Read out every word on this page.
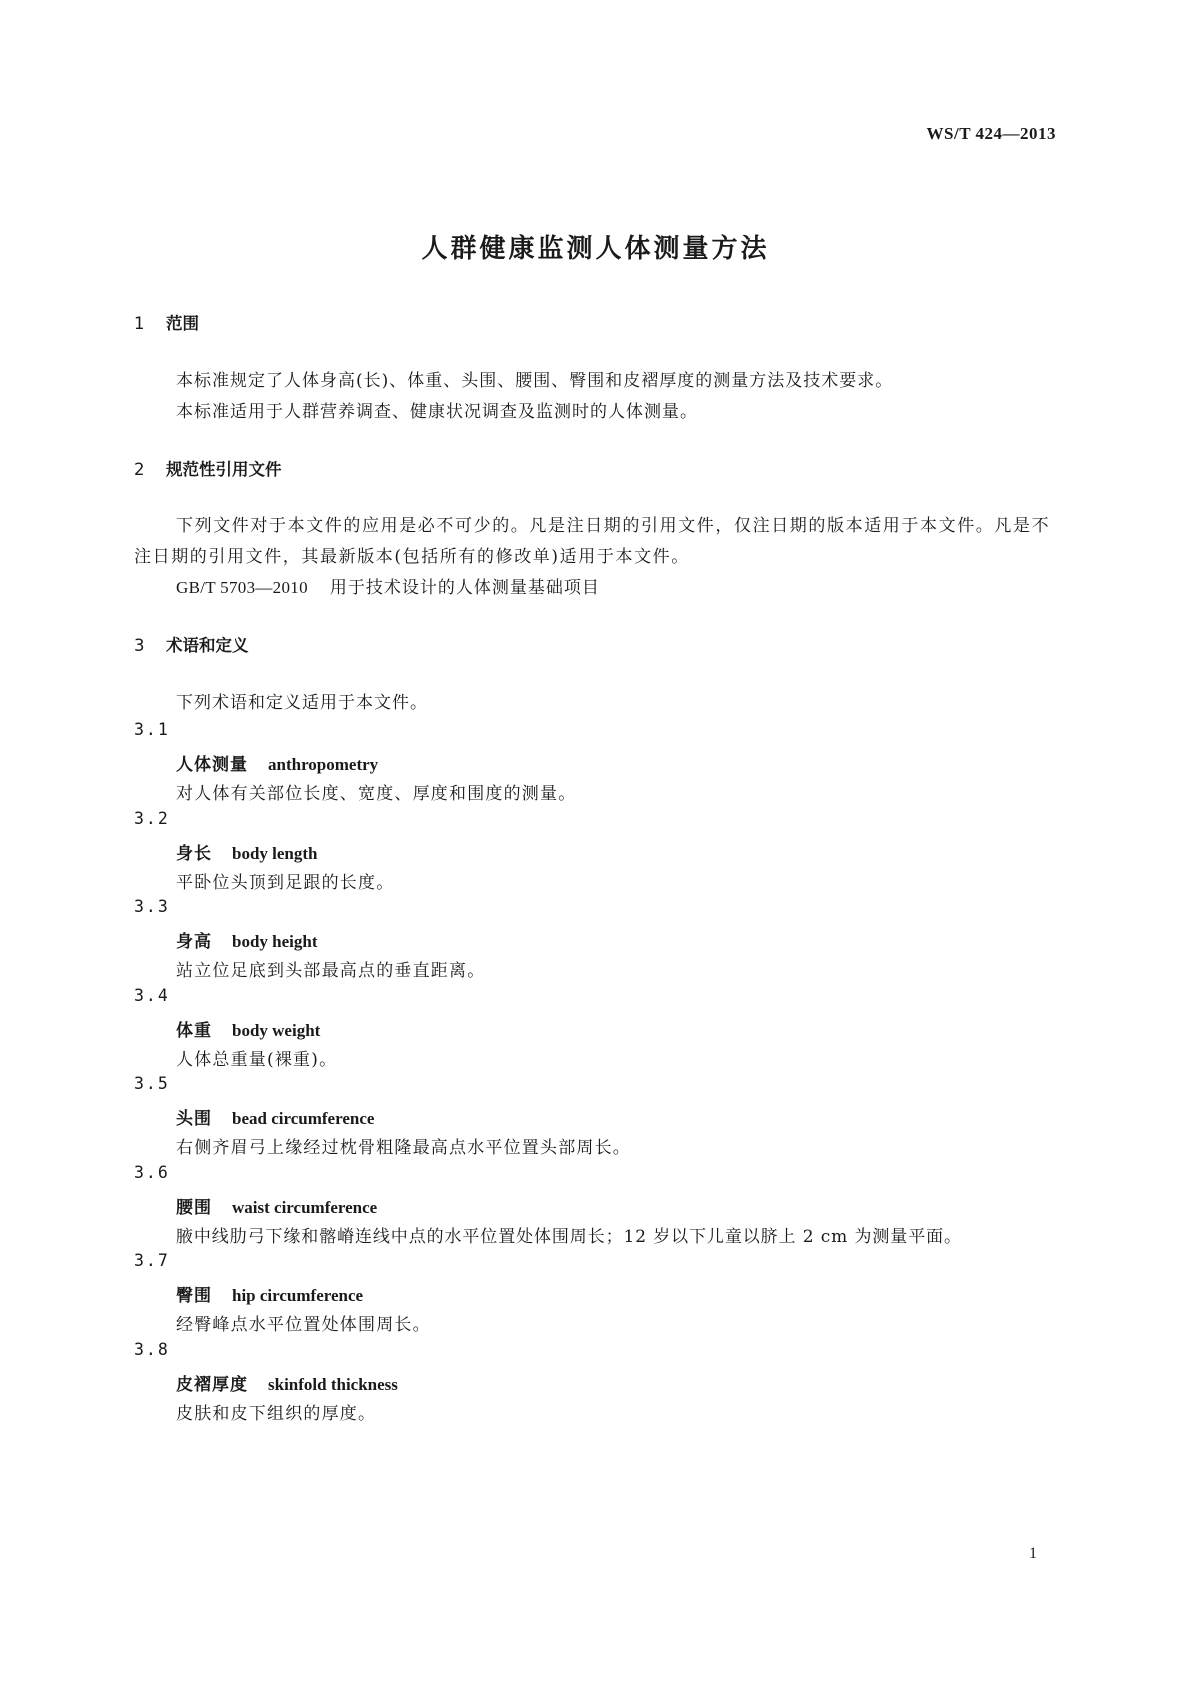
WS/T 424—2013
人群健康监测人体测量方法
1 范围
本标准规定了人体身高(长)、体重、头围、腰围、臀围和皮褶厚度的测量方法及技术要求。
本标准适用于人群营养调查、健康状况调查及监测时的人体测量。
2 规范性引用文件
下列文件对于本文件的应用是必不可少的。凡是注日期的引用文件，仅注日期的版本适用于本文件。凡是不注日期的引用文件，其最新版本(包括所有的修改单)适用于本文件。
GB/T 5703—2010 用于技术设计的人体测量基础项目
3 术语和定义
下列术语和定义适用于本文件。
3.1
人体测量 anthropometry
对人体有关部位长度、宽度、厚度和围度的测量。
3.2
身长 body length
平卧位头顶到足跟的长度。
3.3
身高 body height
站立位足底到头部最高点的垂直距离。
3.4
体重 body weight
人体总重量(裸重)。
3.5
头围 bead circumference
右侧齐眉弓上缘经过枕骨粗隆最高点水平位置头部周长。
3.6
腰围 waist circumference
腋中线肋弓下缘和髂嵴连线中点的水平位置处体围周长；12 岁以下儿童以脐上 2 cm 为测量平面。
3.7
臀围 hip circumference
经臀峰点水平位置处体围周长。
3.8
皮褶厚度 skinfold thickness
皮肤和皮下组织的厚度。
1
